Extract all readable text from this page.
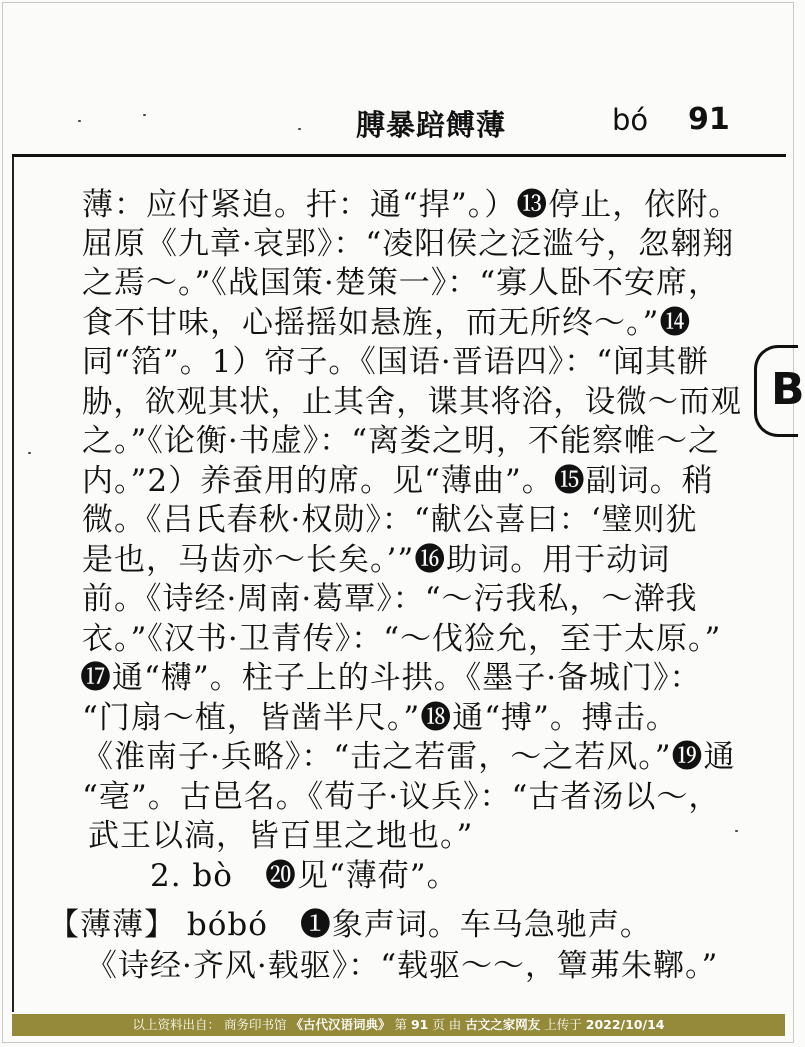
膊暴踣餺薄	bó 91
B
薄：应付紧迫。扞：通“捍”。）⓭停止，依附。
屈原《九章·哀郢》：“凌阳侯之泛滥兮，忽翱翔
之焉～。”《战国策·楚策一》：“寡人卧不安席，
食不甘味，心摇摇如悬旌，而无所终～。”⓮
同“箔”。1）帘子。《国语·晋语四》：“闻其骿
胁，欲观其状，止其舍，谍其将浴，设微～而观
之。”《论衡·书虚》：“离娄之明，不能察帷～之
内。”2）养蚕用的席。见“薄曲”。⓯副词。稍
微。《吕氏春秋·权勋》：“献公喜曰：‘璧则犹
是也，马齿亦～长矣。’”⓰助词。用于动词
前。《诗经·周南·葛覃》：“～污我私，～澣我
衣。”《汉书·卫青传》：“～伐猃允，至于太原。”
⓱通“欂”。柱子上的斗拱。《墨子·备城门》：
“门扇～植，皆凿半尺。”⓲通“搏”。搏击。
《淮南子·兵略》：“击之若雷，～之若风。”⓳通
“亳”。古邑名。《荀子·议兵》：“古者汤以～，
武王以滈，皆百里之地也。”
2. bò　⓴见“薄荷”。
【薄薄】 bóbó　❶象声词。车马急驰声。
《诗经·齐风·载驱》：“载驱～～，簟茀朱鞹。”
以上资料出自： 商务印书馆 《古代汉语词典》 第 91 页 由 古文之家网友 上传于 2022/10/14
